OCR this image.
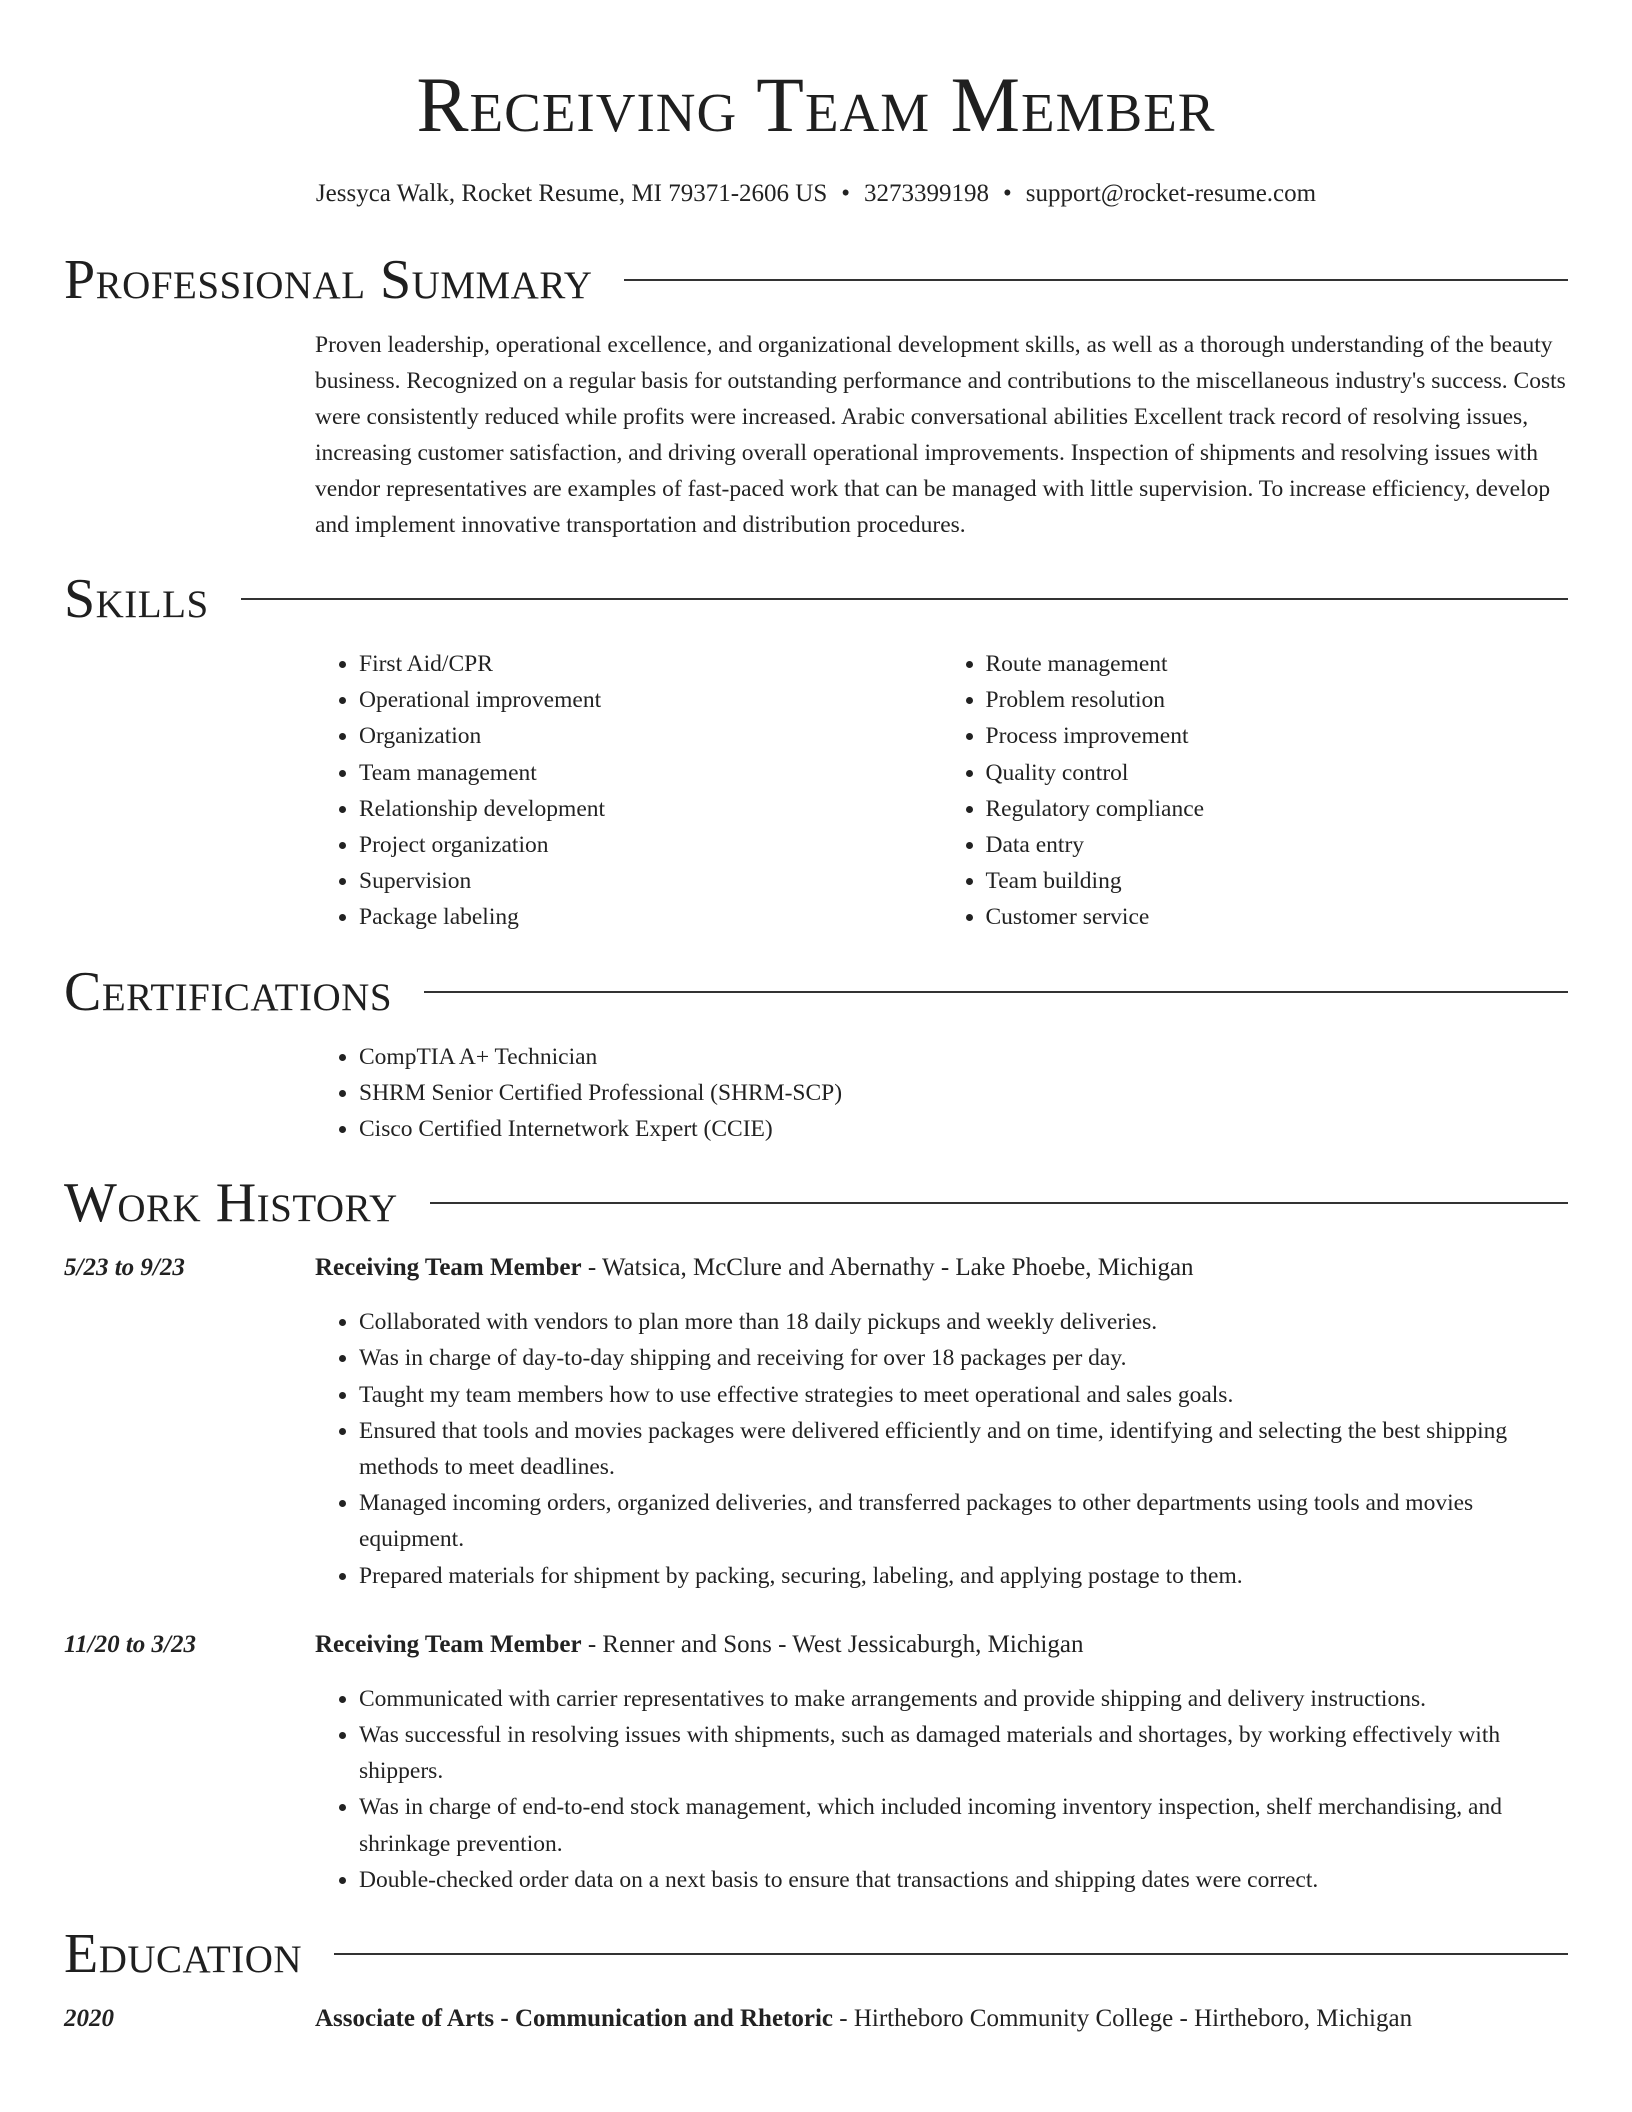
Receiving Team Member
Jessyca Walk, Rocket Resume, MI 79371-2606 US • 3273399198 • support@rocket-resume.com
Professional Summary
Proven leadership, operational excellence, and organizational development skills, as well as a thorough understanding of the beauty business. Recognized on a regular basis for outstanding performance and contributions to the miscellaneous industry's success. Costs were consistently reduced while profits were increased. Arabic conversational abilities Excellent track record of resolving issues, increasing customer satisfaction, and driving overall operational improvements. Inspection of shipments and resolving issues with vendor representatives are examples of fast-paced work that can be managed with little supervision. To increase efficiency, develop and implement innovative transportation and distribution procedures.
Skills
• First Aid/CPR
• Operational improvement
• Organization
• Team management
• Relationship development
• Project organization
• Supervision
• Package labeling
• Route management
• Problem resolution
• Process improvement
• Quality control
• Regulatory compliance
• Data entry
• Team building
• Customer service
Certifications
• CompTIA A+ Technician
• SHRM Senior Certified Professional (SHRM-SCP)
• Cisco Certified Internetwork Expert (CCIE)
Work History
5/23 to 9/23	Receiving Team Member - Watsica, McClure and Abernathy - Lake Phoebe, Michigan
• Collaborated with vendors to plan more than 18 daily pickups and weekly deliveries.
• Was in charge of day-to-day shipping and receiving for over 18 packages per day.
• Taught my team members how to use effective strategies to meet operational and sales goals.
• Ensured that tools and movies packages were delivered efficiently and on time, identifying and selecting the best shipping methods to meet deadlines.
• Managed incoming orders, organized deliveries, and transferred packages to other departments using tools and movies equipment.
• Prepared materials for shipment by packing, securing, labeling, and applying postage to them.
11/20 to 3/23	Receiving Team Member - Renner and Sons - West Jessicaburgh, Michigan
• Communicated with carrier representatives to make arrangements and provide shipping and delivery instructions.
• Was successful in resolving issues with shipments, such as damaged materials and shortages, by working effectively with shippers.
• Was in charge of end-to-end stock management, which included incoming inventory inspection, shelf merchandising, and shrinkage prevention.
• Double-checked order data on a next basis to ensure that transactions and shipping dates were correct.
Education
2020	Associate of Arts - Communication and Rhetoric - Hirtheboro Community College - Hirtheboro, Michigan
